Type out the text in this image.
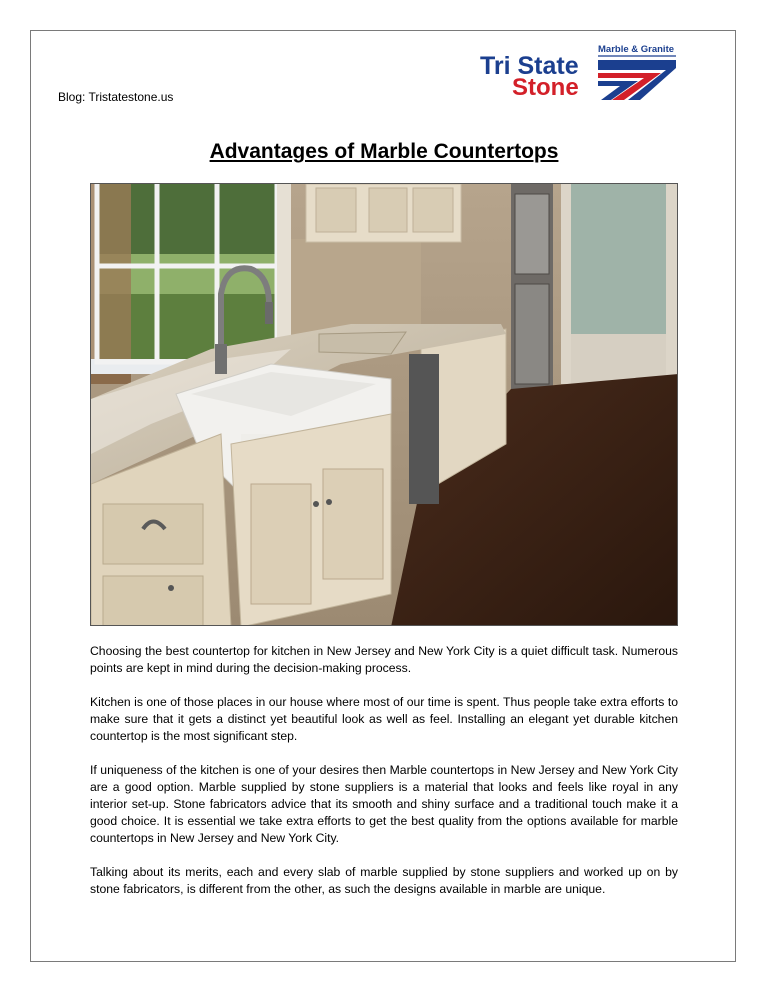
Blog: Tristatestone.us
Marble & Granite
Tri State
Stone
Advantages of Marble Countertops

Choosing the best countertop for kitchen in New Jersey and New York City is a quiet difficult task. Numerous points are kept in mind during the decision-making process.

Kitchen is one of those places in our house where most of our time is spent. Thus people take extra efforts to make sure that it gets a distinct yet beautiful look as well as feel. Installing an elegant yet durable kitchen countertop is the most significant step.

If uniqueness of the kitchen is one of your desires then Marble countertops in New Jersey and New York City are a good option. Marble supplied by stone suppliers is a material that looks and feels like royal in any interior set-up. Stone fabricators advice that its smooth and shiny surface and a traditional touch make it a good choice. It is essential we take extra efforts to get the best quality from the options available for marble countertops in New Jersey and New York City.

Talking about its merits, each and every slab of marble supplied by stone suppliers and worked up on by stone fabricators, is different from the other, as such the designs available in marble are unique.
